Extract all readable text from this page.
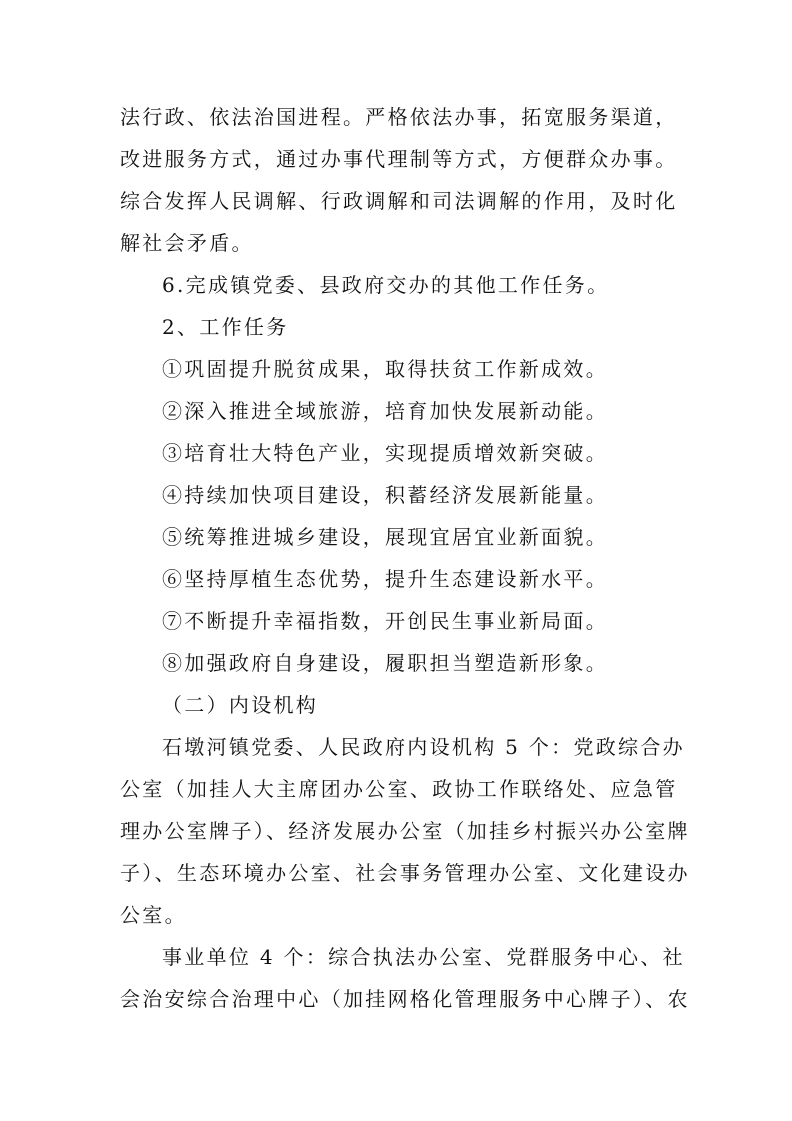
法行政、依法治国进程。严格依法办事，拓宽服务渠道，
改进服务方式，通过办事代理制等方式，方便群众办事。
综合发挥人民调解、行政调解和司法调解的作用，及时化
解社会矛盾。
6.完成镇党委、县政府交办的其他工作任务。
2、工作任务
①巩固提升脱贫成果，取得扶贫工作新成效。
②深入推进全域旅游，培育加快发展新动能。
③培育壮大特色产业，实现提质增效新突破。
④持续加快项目建设，积蓄经济发展新能量。
⑤统筹推进城乡建设，展现宜居宜业新面貌。
⑥坚持厚植生态优势，提升生态建设新水平。
⑦不断提升幸福指数，开创民生事业新局面。
⑧加强政府自身建设，履职担当塑造新形象。
（二）内设机构
石墩河镇党委、人民政府内设机构 5 个：党政综合办
公室（加挂人大主席团办公室、政协工作联络处、应急管
理办公室牌子）、经济发展办公室（加挂乡村振兴办公室牌
子）、生态环境办公室、社会事务管理办公室、文化建设办
公室。
事业单位 4 个：综合执法办公室、党群服务中心、社
会治安综合治理中心（加挂网格化管理服务中心牌子）、农
